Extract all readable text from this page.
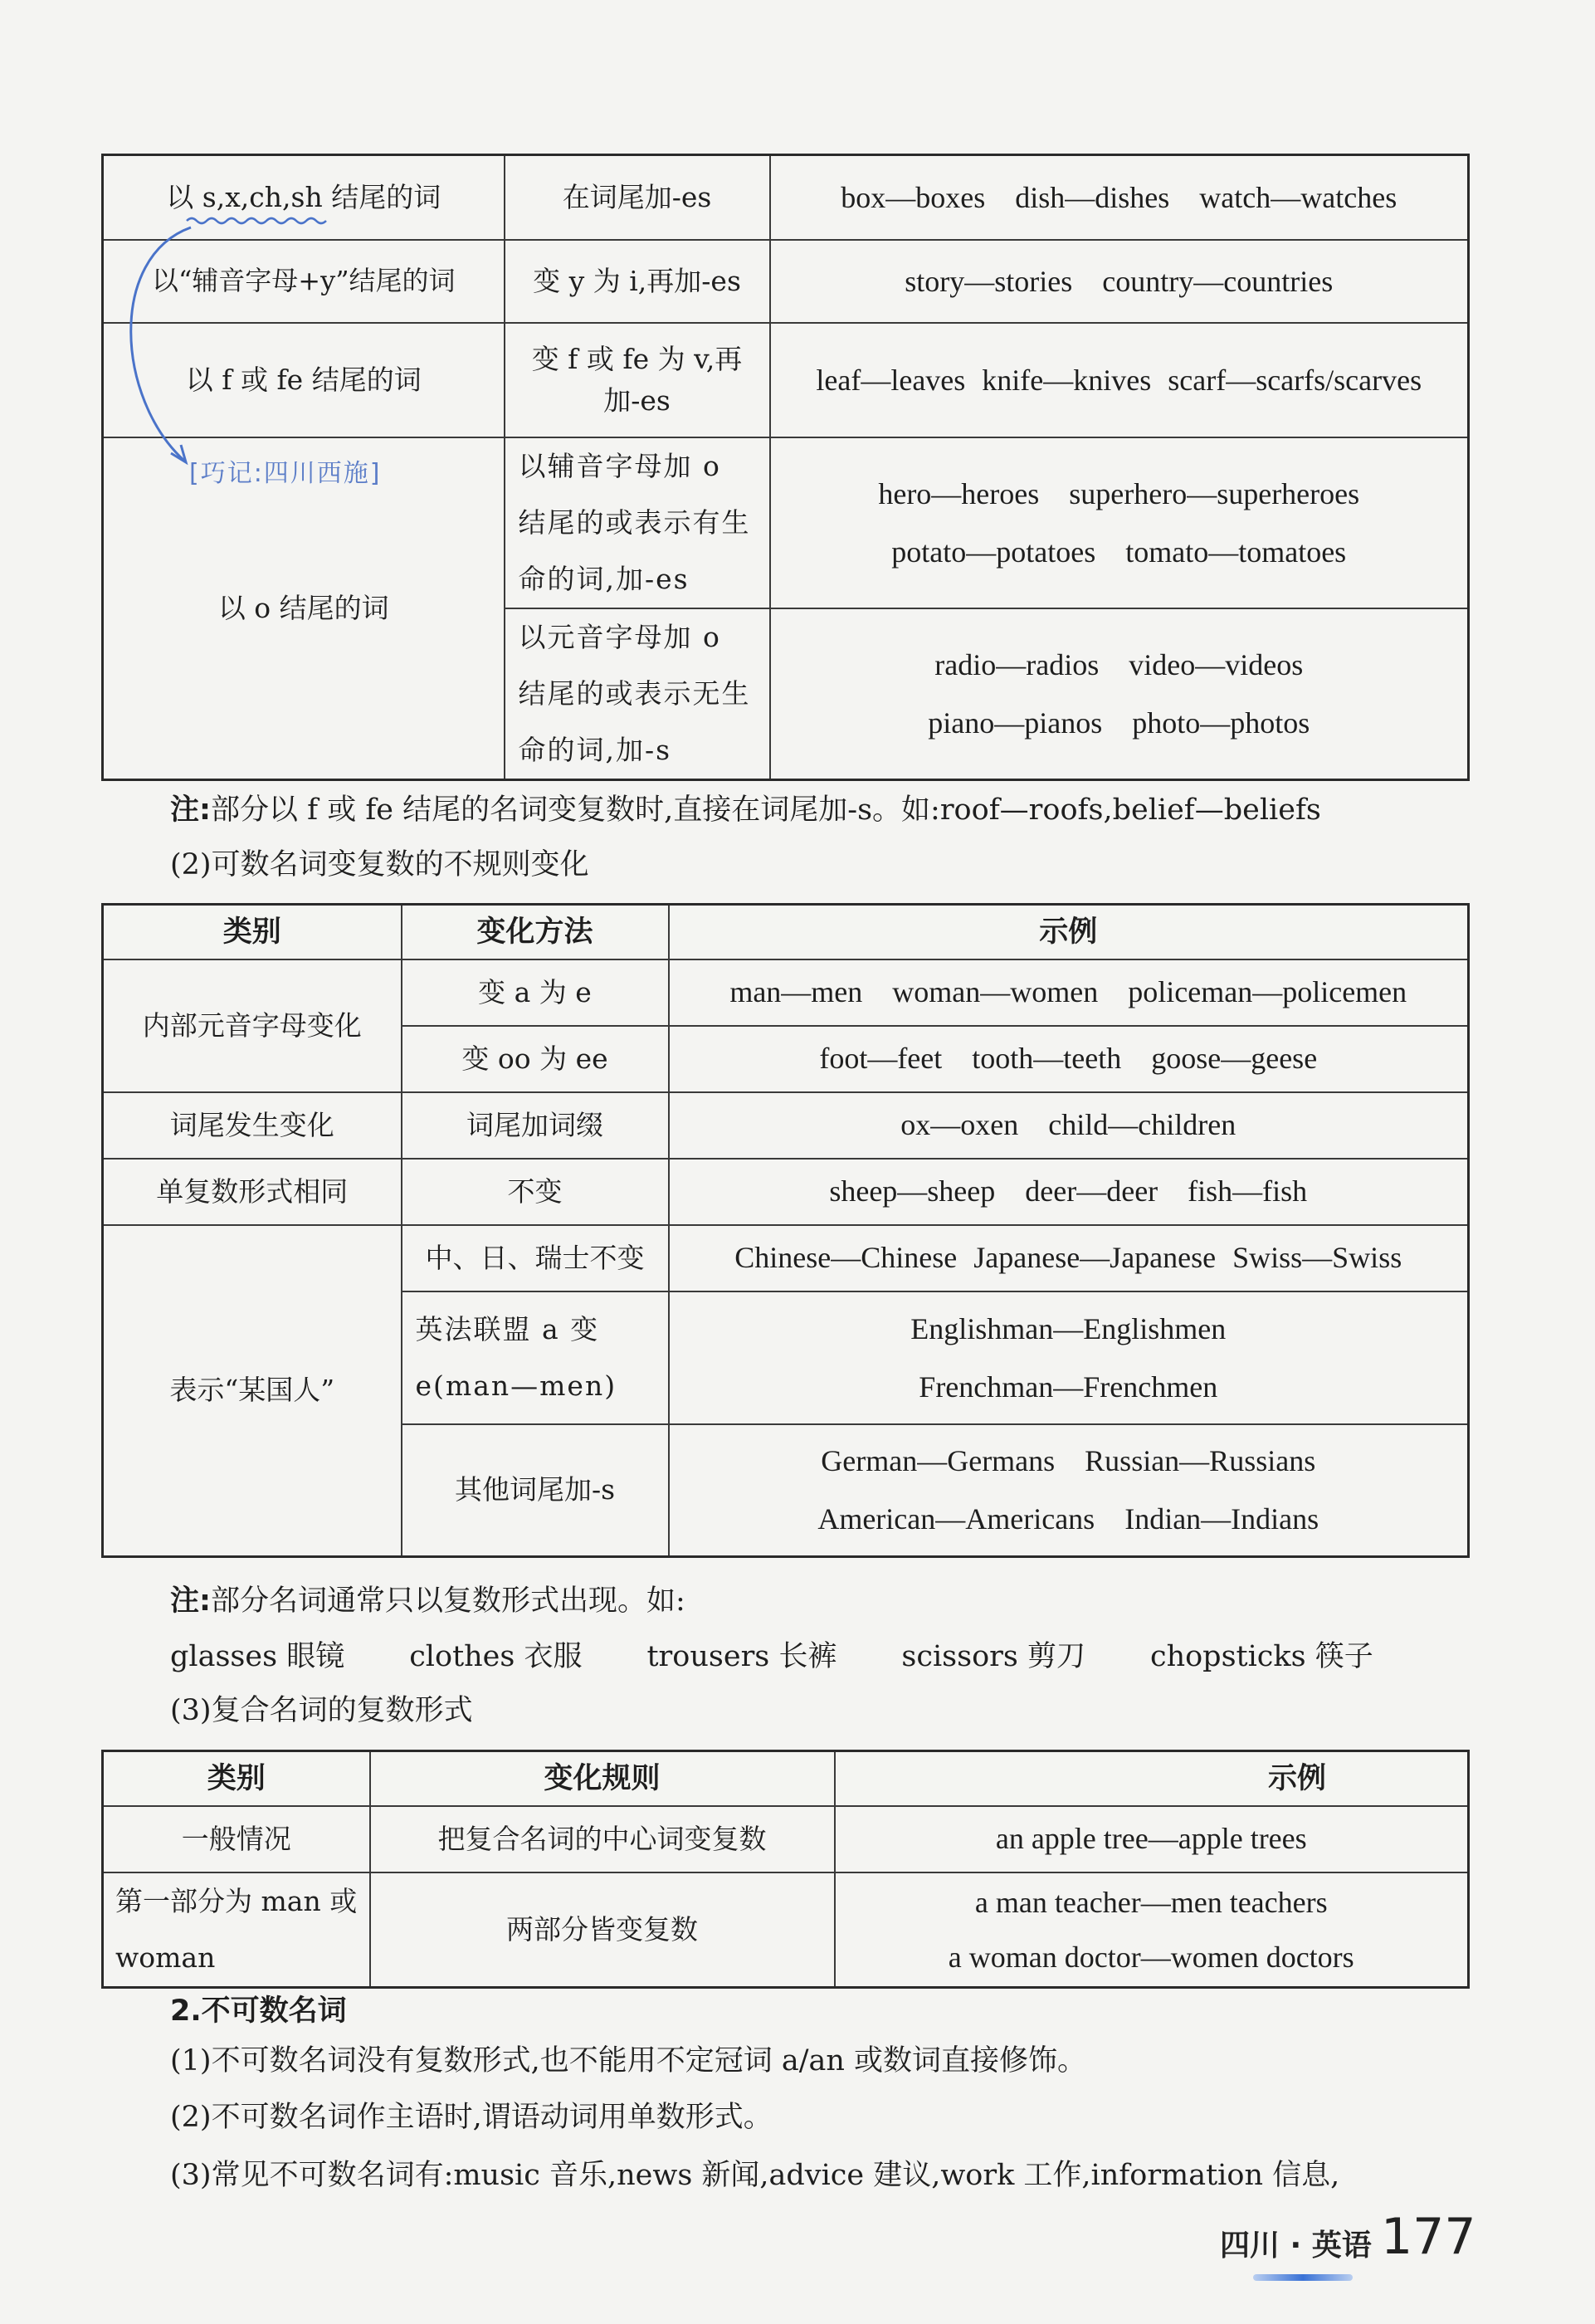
以 s,x,ch,sh 结尾的词	在词尾加-es	box—boxes dish—dishes watch—watches

以“辅音字母+y”结尾的词	变 y 为 i,再加-es	story—stories country—countries

以 f 或 fe 结尾的词	变 f 或 fe 为 v,再加-es	leaf—leaves knife—knives scarf—scarfs/scarves

以 o 结尾的词	以辅音字母加 o 结尾的或表示有生命的词,加-es	hero—heroes superhero—superheroes
potato—potatoes tomato—tomatoes

	以元音字母加 o 结尾的或表示无生命的词,加-s	radio—radios video—videos
piano—pianos photo—photos
[巧记:四川西施]
注:部分以 f 或 fe 结尾的名词变复数时,直接在词尾加-s。如:roof—roofs,belief—beliefs
(2)可数名词变复数的不规则变化
类别	变化方法	示例
内部元音字母变化	变 a 为 e	man—men woman—women policeman—policemen
	变 oo 为 ee	foot—feet tooth—teeth goose—geese
词尾发生变化	词尾加词缀	ox—oxen child—children
单复数形式相同	不变	sheep—sheep deer—deer fish—fish
表示“某国人”	中、日、瑞士不变	Chinese—Chinese Japanese—Japanese Swiss—Swiss
	英法联盟 a 变 e(man—men)	Englishman—Englishmen
Frenchman—Frenchmen

	其他词尾加-s	German—Germans Russian—Russians
American—Americans Indian—Indians
注:部分名词通常只以复数形式出现。如:
glasses 眼镜 clothes 衣服 trousers 长裤 scissors 剪刀 chopsticks 筷子
(3)复合名词的复数形式
类别	变化规则	示例
一般情况	把复合名词的中心词变复数	an apple tree—apple trees
第一部分为 man 或 woman	两部分皆变复数	a man teacher—men teachers
a woman doctor—women doctors
2.不可数名词
(1)不可数名词没有复数形式,也不能用不定冠词 a/an 或数词直接修饰。
(2)不可数名词作主语时,谓语动词用单数形式。
(3)常见不可数名词有:music 音乐,news 新闻,advice 建议,work 工作,information 信息,
四川 · 英语 177
